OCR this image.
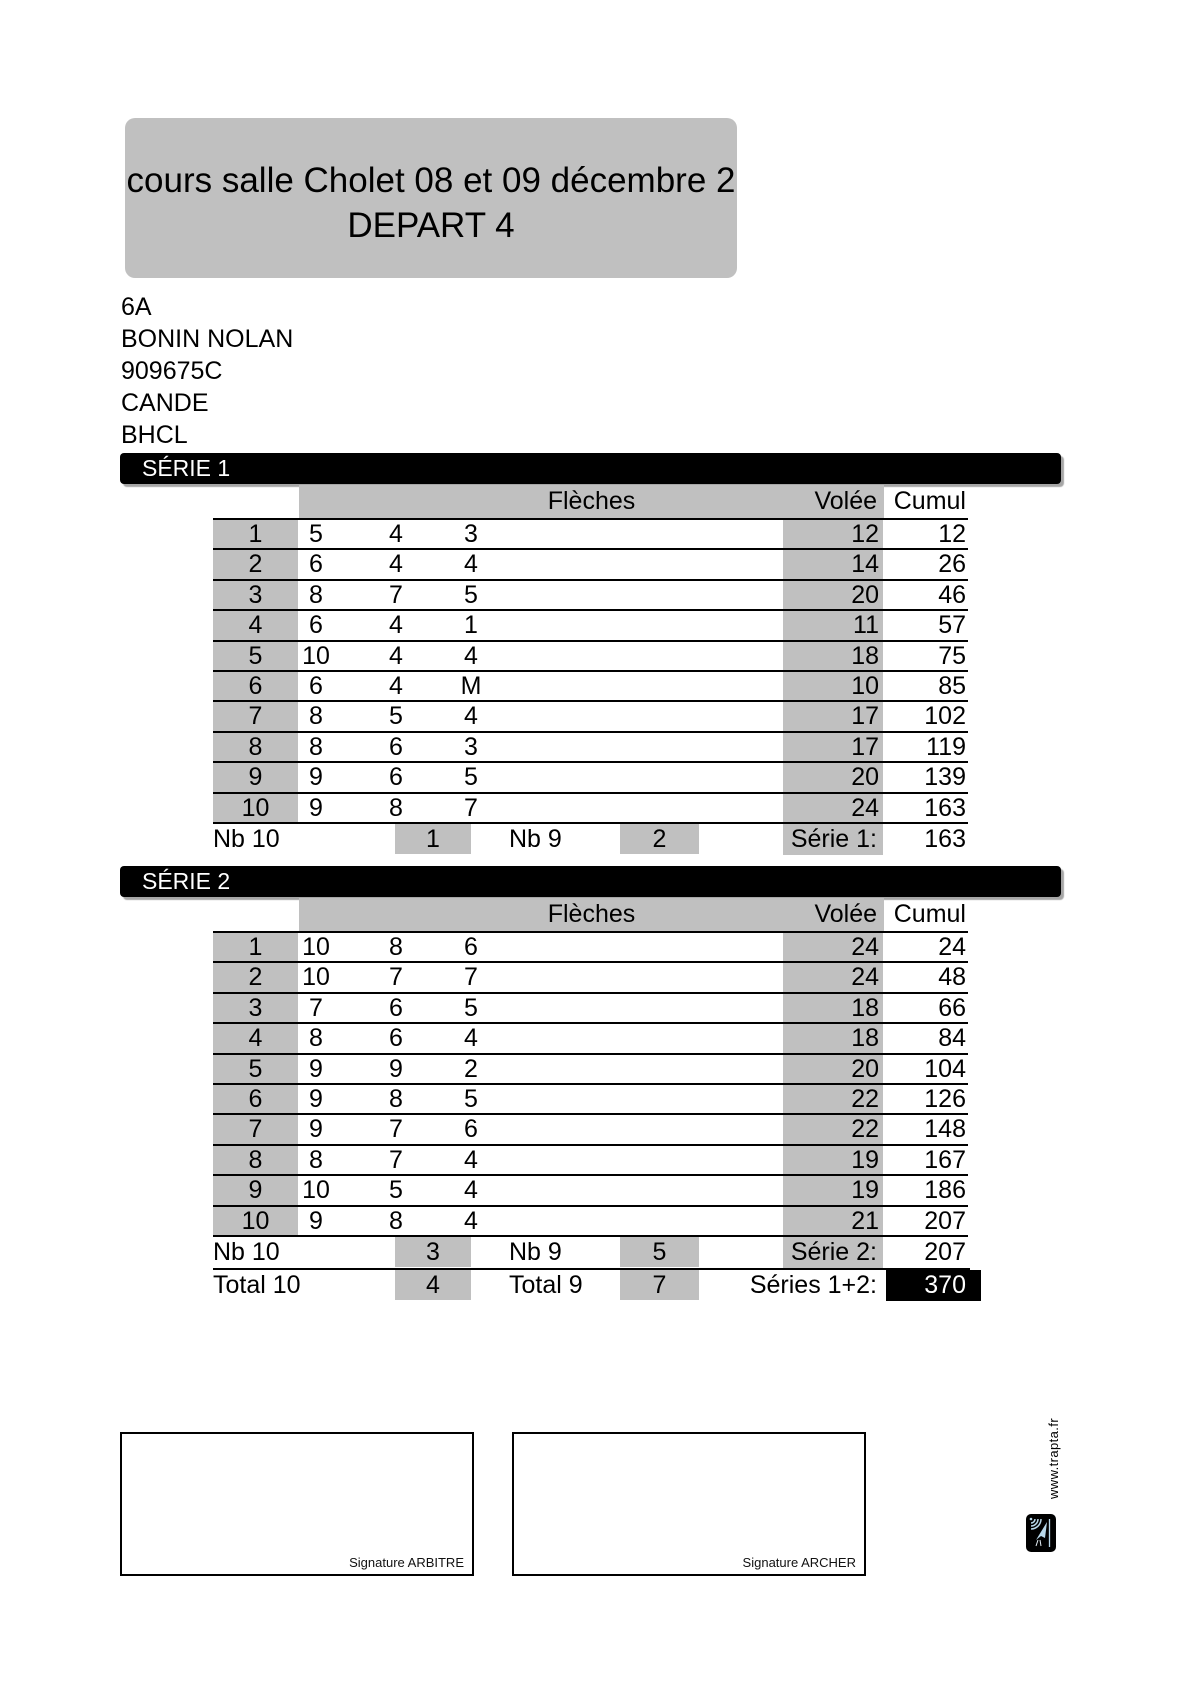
cours salle Cholet 08 et 09 décembre 2
DEPART 4
6A
BONIN NOLAN
909675C
CANDE
BHCL
SÉRIE 1
Flèches	Volée Cumul
1	5	4	3	12	12
2	6	4	4	14	26
3	8	7	5	20	46
4	6	4	1	11	57
5	10	4	4	18	75
6	6	4	M	10	85
7	8	5	4	17	102
8	8	6	3	17	119
9	9	6	5	20	139
10	9	8	7	24	163
Nb 10	1	Nb 9	2	Série 1:	163
SÉRIE 2
Flèches	Volée Cumul
1	10	8	6	24	24
2	10	7	7	24	48
3	7	6	5	18	66
4	8	6	4	18	84
5	9	9	2	20	104
6	9	8	5	22	126
7	9	7	6	22	148
8	8	7	4	19	167
9	10	5	4	19	186
10	9	8	4	21	207
Nb 10	3	Nb 9	5	Série 2:	207
Total 10	4	Total 9	7	Séries 1+2:	370
Signature ARBITRE	Signature ARCHER
www.trapta.fr
